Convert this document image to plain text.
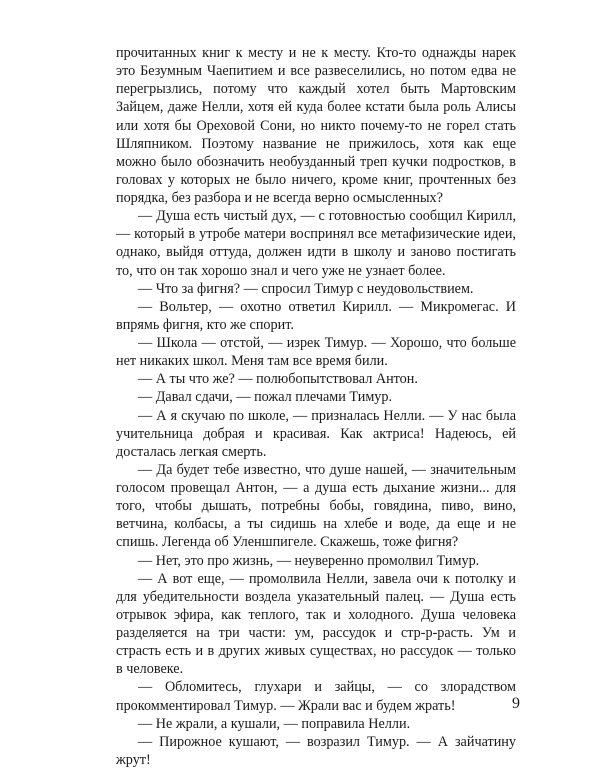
прочитанных книг к месту и не к месту. Кто-то однажды нарек это Безумным Чаепитием и все развеселились, но потом едва не перегрызлись, потому что каждый хотел быть Мартовским Зайцем, даже Нелли, хотя ей куда более кстати была роль Алисы или хотя бы Ореховой Сони, но никто почему-то не горел стать Шляпником. Поэтому название не прижилось, хотя как еще можно было обозначить необузданный треп кучки подростков, в головах у которых не было ничего, кроме книг, прочтенных без порядка, без разбора и не всегда верно осмысленных?

— Душа есть чистый дух, — с готовностью сообщил Кирилл, — который в утробе матери воспринял все метафизические идеи, однако, выйдя оттуда, должен идти в школу и заново постигать то, что он так хорошо знал и чего уже не узнает более.

— Что за фигня? — спросил Тимур с неудовольствием.

— Вольтер, — охотно ответил Кирилл. — Микромегас. И впрямь фигня, кто же спорит.

— Школа — отстой, — изрек Тимур. — Хорошо, что больше нет никаких школ. Меня там все время били.

— А ты что же? — полюбопытствовал Антон.

— Давал сдачи, — пожал плечами Тимур.

— А я скучаю по школе, — призналась Нелли. — У нас была учительница добрая и красивая. Как актриса! Надеюсь, ей досталась легкая смерть.

— Да будет тебе известно, что душе нашей, — значительным голосом провещал Антон, — а душа есть дыхание жизни... для того, чтобы дышать, потребны бобы, говядина, пиво, вино, ветчина, колбасы, а ты сидишь на хлебе и воде, да еще и не спишь. Легенда об Уленшпигеле. Скажешь, тоже фигня?

— Нет, это про жизнь, — неуверенно промолвил Тимур.

— А вот еще, — промолвила Нелли, завела очи к потолку и для убедительности воздела указательный палец. — Душа есть отрывок эфира, как теплого, так и холодного. Душа человека разделяется на три части: ум, рассудок и стр-р-расть. Ум и страсть есть и в других живых существах, но рассудок — только в человеке.

— Обломитесь, глухари и зайцы, — со злорадством прокомментировал Тимур. — Жрали вас и будем жрать!

— Не жрали, а кушали, — поправила Нелли.

— Пирожное кушают, — возразил Тимур. — А зайчатину жрут!

9
